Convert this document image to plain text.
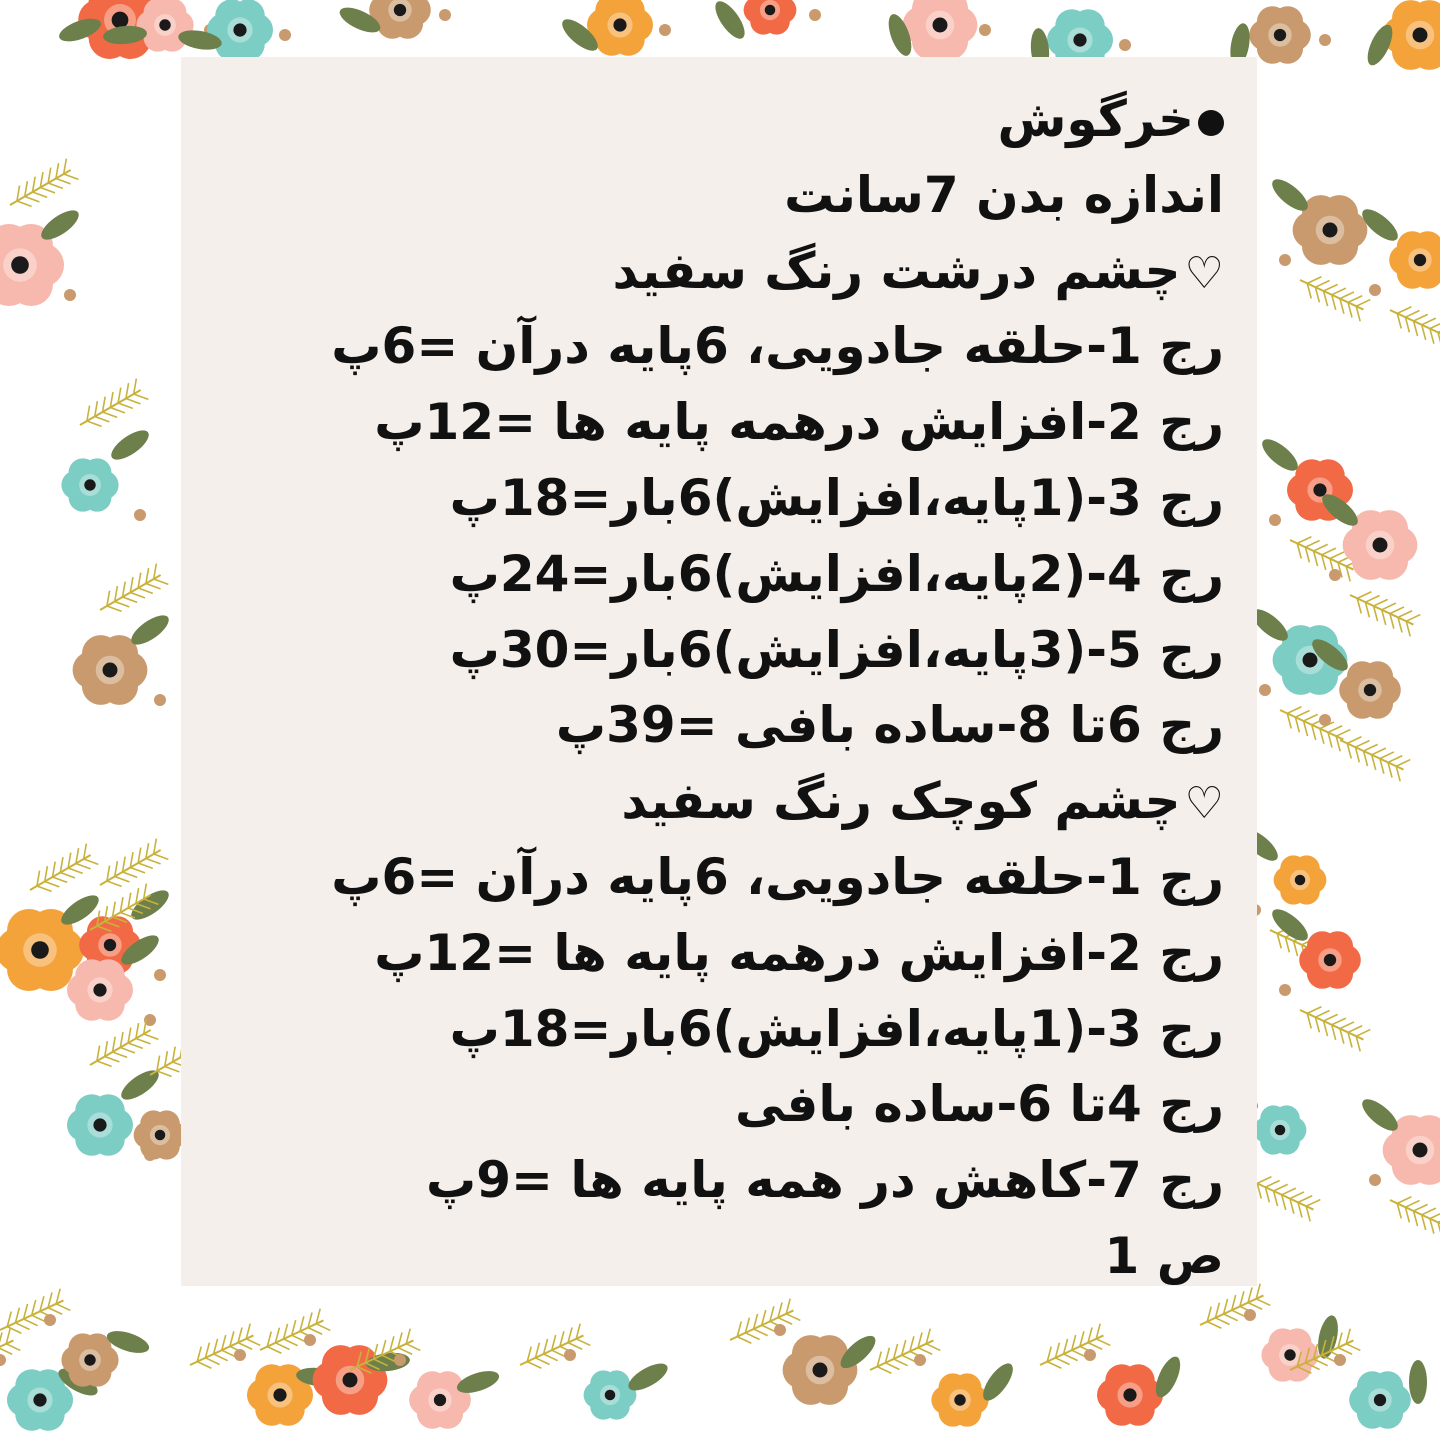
خرگوش
اندازه بدن 7سانت
♡چشم درشت رنگ سفید
رج 1-حلقه جادویی، 6پایه درآن =6پ
رج 2-افزایش درهمه پایه ها =12پ
رج 3-(1پایه،افزایش)6بار=18پ
رج 4-(2پایه،افزایش)6بار=24پ
رج 5-(3پایه،افزایش)6بار=30پ
رج 6تا 8-ساده بافی =39پ
♡چشم کوچک رنگ سفید
رج 1-حلقه جادویی، 6پایه درآن =6پ
رج 2-افزایش درهمه پایه ها =12پ
رج 3-(1پایه،افزایش)6بار=18پ
رج 4تا 6-ساده بافی
رج 7-کاهش در همه پایه ها =9پ
ص 1
